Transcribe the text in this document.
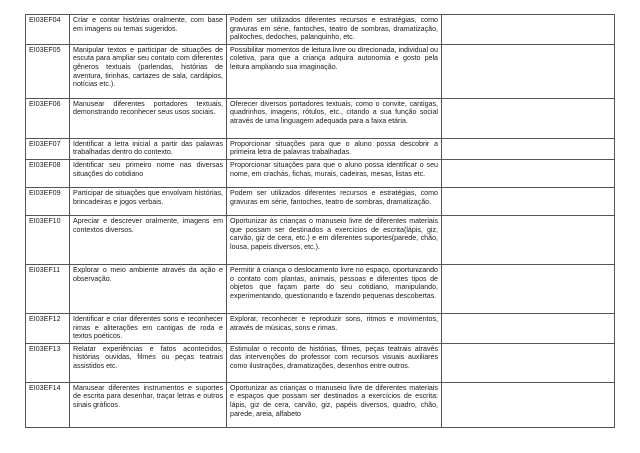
EI03EF04	Criar e contar histórias oralmente, com base em imagens ou temas sugeridos.	Podem ser utilizados diferentes recursos e estratégias, como gravuras em série, fantoches, teatro de sombras, dramatização, palitoches, dedoches, palanquinho, etc.	
EI03EF05	Manipular textos e participar de situações de escuta para ampliar seu contato com diferentes gêneros textuais (parlendas, histórias de aventura, tirinhas, cartazes de sala, cardápios, notícias etc.).	Possibilitar momentos de leitura livre ou direcionada, individual ou coletiva, para que a criança adquira autonomia e gosto pela leitura ampliando sua imaginação.	
EI03EF06	Manusear diferentes portadores textuais, demonstrando reconhecer seus usos sociais.	Oferecer diversos portadores textuais, como o convite, cantigas, quadrinhos, imagens, rótulos, etc., citando a sua função social através de uma linguagem adequada para a faixa etária.	
EI03EF07	Identificar a letra inicial a partir das palavras trabalhadas dentro do contexto.	Proporcionar situações para que o aluno possa descobrir a primeira letra de palavras trabalhadas.	
EI03EF08	Identificar seu primeiro nome nas diversas situações do cotidiano	Proporcionar situações para que o aluno possa identificar o seu nome, em crachás, fichas, murais, cadeiras, mesas, listas etc.	
EI03EF09	Participar de situações que envolvam histórias, brincadeiras e jogos verbais.	Podem ser utilizados diferentes recursos e estratégias, como gravuras em série, fantoches, teatro de sombras, dramatização.	
EI03EF10	Apreciar e descrever oralmente, imagens em contextos diversos.	Oportunizar às crianças o manuseio livre de diferentes materiais que possam ser destinados a exercícios de escrita(lápis, giz, carvão, giz de cera, etc.) e em diferentes suportes(parede, chão, lousa, papeis diversos, etc.).	
EI03EF11	Explorar o meio ambiente através da ação e observação.	Permitir à criança o deslocamento livre no espaço, oportunizando o contato com plantas, animais, pessoas e diferentes tipos de objetos que façam parte do seu cotidiano, manipulando, experimentando, questionando e fazendo pequenas descobertas.	
EI03EF12	Identificar e criar diferentes sons e reconhecer rimas e aliterações em cantigas de roda e textos poéticos.	Explorar, reconhecer e reproduzir sons, ritmos e movimentos, através de músicas, sons e rimas.	
EI03EF13	Relatar experiências e fatos acontecidos, histórias ouvidas, filmes ou peças teatrais assistidos etc.	Estimular o reconto de histórias, filmes, peças teatrais através das intervenções do professor com recursos visuais auxiliares como ilustrações, dramatizações, desenhos entre outros.	
EI03EF14	Manusear diferentes instrumentos e suportes de escrita para desenhar, traçar letras e outros sinais gráficos.	Oportunizar as crianças o manuseio livre de diferentes materiais e espaços que possam ser destinados a exercícios de escrita: lápis, giz de cera, carvão, giz, papéis diversos, quadro, chão, parede, areia, alfabeto	
